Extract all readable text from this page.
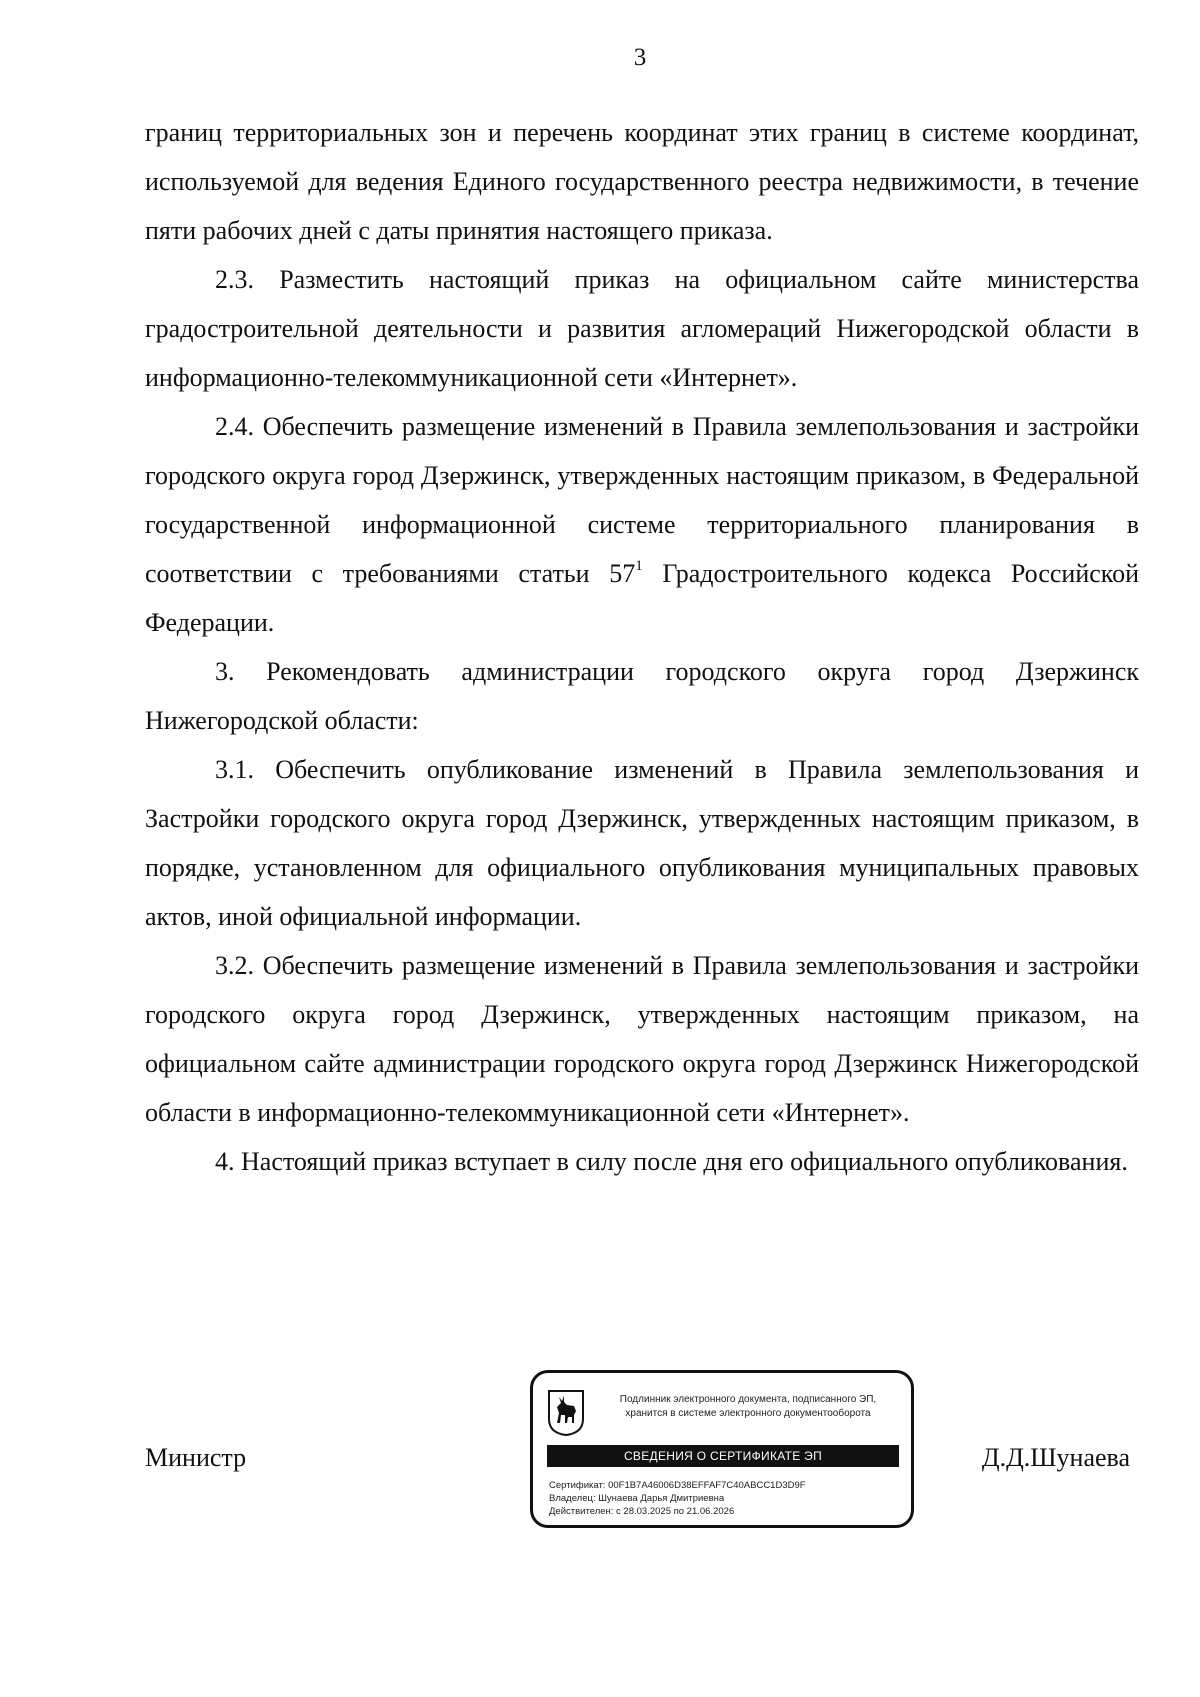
3

границ территориальных зон и перечень координат этих границ в системе координат, используемой для ведения Единого государственного реестра недвижимости, в течение пяти рабочих дней с даты принятия настоящего приказа.

2.3. Разместить настоящий приказ на официальном сайте министерства градостроительной деятельности и развития агломераций Нижегородской области в информационно-телекоммуникационной сети «Интернет».

2.4. Обеспечить размещение изменений в Правила землепользования и застройки городского округа город Дзержинск, утвержденных настоящим приказом, в Федеральной государственной информационной системе территориального планирования в соответствии с требованиями статьи $57^1$ Градостроительного кодекса Российской Федерации.

3. Рекомендовать администрации городского округа город Дзержинск Нижегородской области:

3.1. Обеспечить опубликование изменений в Правила землепользования и Застройки городского округа город Дзержинск, утвержденных настоящим приказом, в порядке, установленном для официального опубликования муниципальных правовых актов, иной официальной информации.

3.2. Обеспечить размещение изменений в Правила землепользования и застройки городского округа город Дзержинск, утвержденных настоящим приказом, на официальном сайте администрации городского округа город Дзержинск Нижегородской области в информационно-телекоммуникационной сети «Интернет».

4. Настоящий приказ вступает в силу после дня его официального опубликования.

Министр
Подлинник электронного документа, подписанного ЭП,
хранится в системе электронного документооборота
СВЕДЕНИЯ О СЕРТИФИКАТЕ ЭП
Сертификат: 00F1B7A46006D38EFFAF7C40ABCC1D3D9F
Владелец: Шунаева Дарья Дмитриевна
Действителен: с 28.03.2025 по 21.06.2026
Д.Д.Шунаева
